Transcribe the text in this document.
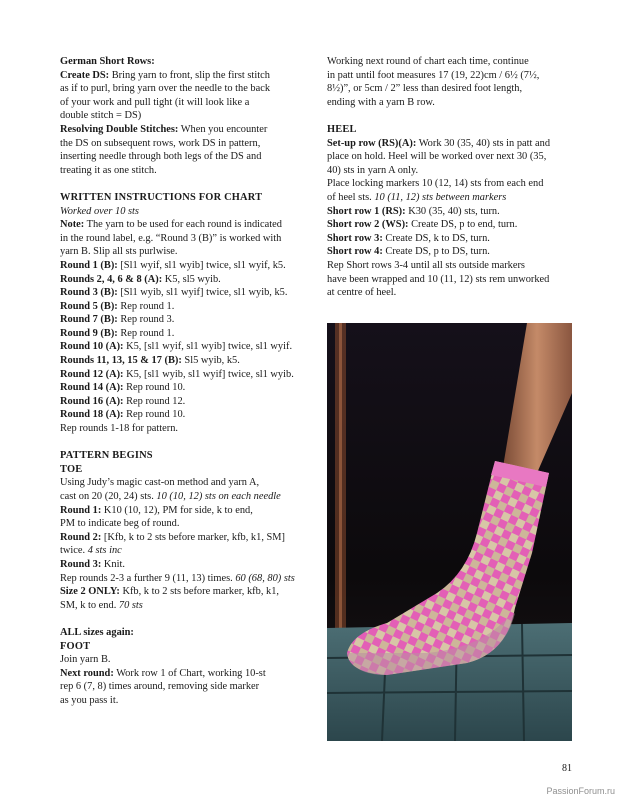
German Short Rows:

Create DS: Bring yarn to front, slip the first stitch
as if to purl, bring yarn over the needle to the back
of your work and pull tight (it will look like a
double stitch = DS)

Resolving Double Stitches: When you encounter
the DS on subsequent rows, work DS in pattern,
inserting needle through both legs of the DS and
treating it as one stitch.

WRITTEN INSTRUCTIONS FOR CHART

Worked over 10 sts

Note: The yarn to be used for each round is indicated
in the round label, e.g. “Round 3 (B)” is worked with
yarn B. Slip all sts purlwise.

Round 1 (B): [Sl1 wyif, sl1 wyib] twice, sl1 wyif, k5.

Rounds 2, 4, 6 & 8 (A): K5, sl5 wyib.

Round 3 (B): [Sl1 wyib, sl1 wyif] twice, sl1 wyib, k5.

Round 5 (B): Rep round 1.

Round 7 (B): Rep round 3.

Round 9 (B): Rep round 1.

Round 10 (A): K5, [sl1 wyif, sl1 wyib] twice, sl1 wyif.

Rounds 11, 13, 15 & 17 (B): Sl5 wyib, k5.

Round 12 (A): K5, [sl1 wyib, sl1 wyif] twice, sl1 wyib.

Round 14 (A): Rep round 10.

Round 16 (A): Rep round 12.

Round 18 (A): Rep round 10.

Rep rounds 1-18 for pattern.

PATTERN BEGINS

TOE

Using Judy’s magic cast-on method and yarn A,
cast on 20 (20, 24) sts. 10 (10, 12) sts on each needle

Round 1: K10 (10, 12), PM for side, k to end,
PM to indicate beg of round.

Round 2: [Kfb, k to 2 sts before marker, kfb, k1, SM]
twice. 4 sts inc

Round 3: Knit.

Rep rounds 2-3 a further 9 (11, 13) times. 60 (68, 80) sts

Size 2 ONLY: Kfb, k to 2 sts before marker, kfb, k1,
SM, k to end. 70 sts

ALL sizes again:

FOOT

Join yarn B.

Next round: Work row 1 of Chart, working 10-st
rep 6 (7, 8) times around, removing side marker
as you pass it.

Working next round of chart each time, continue
in patt until foot measures 17 (19, 22)cm / 6½ (7½,
8½)”, or 5cm / 2” less than desired foot length,
ending with a yarn B row.

HEEL

Set-up row (RS)(A): Work 30 (35, 40) sts in patt and
place on hold. Heel will be worked over next 30 (35,
40) sts in yarn A only.

Place locking markers 10 (12, 14) sts from each end
of heel sts. 10 (11, 12) sts between markers

Short row 1 (RS): K30 (35, 40) sts, turn.

Short row 2 (WS): Create DS, p to end, turn.

Short row 3: Create DS, k to DS, turn.

Short row 4: Create DS, p to DS, turn.

Rep Short rows 3-4 until all sts outside markers
have been wrapped and 10 (11, 12) sts rem unworked
at centre of heel.

81
PassionForum.ru
